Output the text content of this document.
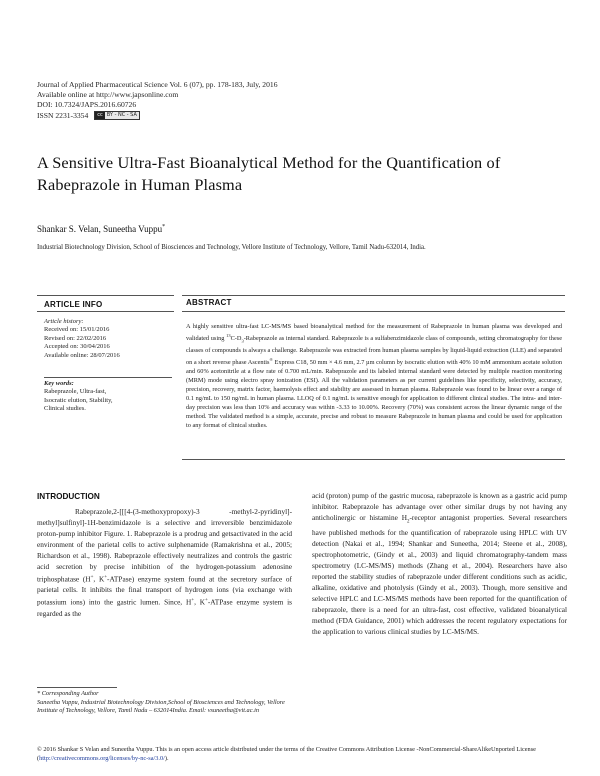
Journal of Applied Pharmaceutical Science Vol. 6 (07), pp. 178-183, July, 2016
Available online at http://www.japsonline.com
DOI: 10.7324/JAPS.2016.60726
ISSN 2231-3354	cc BY - NC - SA
A Sensitive Ultra-Fast Bioanalytical Method for the Quantification of Rabeprazole in Human Plasma
Shankar S. Velan, Suneetha Vuppu*
Industrial Biotechnology Division, School of Biosciences and Technology, Vellore Institute of Technology, Vellore, Tamil Nadu-632014, India.
ARTICLE INFO	ABSTRACT
Article history:
Received on: 15/01/2016
Revised on: 22/02/2016
Accepted on: 30/04/2016
Available online: 28/07/2016
Key words:
Rabeprazole, Ultra-fast,
Isocratic elution, Stability,
Clinical studies.
A highly sensitive ultra-fast LC-MS/MS based bioanalytical method for the measurement of Rabeprazole in human plasma was developed and validated using $^{13}C-D_3$-Rabeprazole as internal standard. Rabeprazole is a sulfabenzimidazole class of compounds, setting chromatography for these classes of compounds is always a challenge. Rabeprazole was extracted from human plasma samples by liquid-liquid extraction (LLE) and separated on a short reverse phase Ascentis® Express C18, 50 mm × 4.6 mm, 2.7 µm column by isocratic elution with 40% 10 mM ammonium acetate solution and 60% acetonitrile at a flow rate of 0.700 mL/min. Rabeprazole and its labeled internal standard were detected by multiple reaction monitoring (MRM) mode using electro spray ionization (ESI). All the validation parameters as per current guidelines like specificity, selectivity, accuracy, precision, recovery, matrix factor, haemolysis effect and stability are assessed in human plasma. Rabeprazole was found to be linear over a range of 0.1 ng/mL to 150 ng/mL in human plasma. LLOQ of 0.1 ng/mL is sensitive enough for application to different clinical studies. The intra- and inter-day precision was less than 10% and accuracy was within -3.33 to 10.00%. Recovery (70%) was consistent across the linear dynamic range of the method. The validated method is a simple, accurate, precise and robust to measure Rabeprazole in human plasma and could be used for application to any format of clinical studies.
INTRODUCTION
Rabeprazole,2-[[[4-(3-methoxypropoxy)-3 -methyl-2-pyridinyl]-methyl]sulfinyl]-1H-benzimidazole is a selective and irreversible benzimidazole proton-pump inhibitor Figure. 1. Rabeprazole is a prodrug and getsactivated in the acid environment of the parietal cells to active sulphenamide (Ramakrishna et al., 2005; Richardson et al., 1998). Rabeprazole effectively neutralizes and controls the gastric acid secretion by precise inhibition of the hydrogen-potassium adenosine triphosphatase (H+, K+-ATPase) enzyme system found at the secretory surface of parietal cells. It inhibits the final transport of hydrogen ions (via exchange with potassium ions) into the gastric lumen. Since, H+, K+-ATPase enzyme system is regarded as the
acid (proton) pump of the gastric mucosa, rabeprazole is known as a gastric acid pump inhibitor. Rabeprazole has advantage over other similar drugs by not having any anticholinergic or histamine $H_2$-receptor antagonist properties. Several researchers have published methods for the quantification of rabeprazole using HPLC with UV detection (Nakai et al., 1994; Shankar and Suneetha, 2014; Steene et al., 2008), spectrophotometric, (Gindy et al., 2003) and liquid chromatography-tandem mass spectrometry (LC-MS/MS) methods (Zhang et al., 2004). Researchers have also reported the stability studies of rabeprazole under different conditions such as acidic, alkaline, oxidative and photolysis (Gindy et al., 2003). Though, more sensitive and selective HPLC and LC-MS/MS methods have been reported for the quantification of rabeprazole, there is a need for an ultra-fast, cost effective, validated bioanalytical method (FDA Guidance, 2001) which addresses the recent regulatory expectations for the application to various clinical studies by LC-MS/MS.
* Corresponding Author
Suneetha Vuppu, Industrial Biotechnology Division,School of Biosciences and Technology, Vellore Institute of Technology, Vellore, Tamil Nadu – 632014India. Email: vsuneetha@vit.ac.in
© 2016 Shankar S Velan and Suneetha Vuppu. This is an open access article distributed under the terms of the Creative Commons Attribution License -NonCommercial-ShareAlikeUnported License (http://creativecommons.org/licenses/by-nc-sa/3.0/).
